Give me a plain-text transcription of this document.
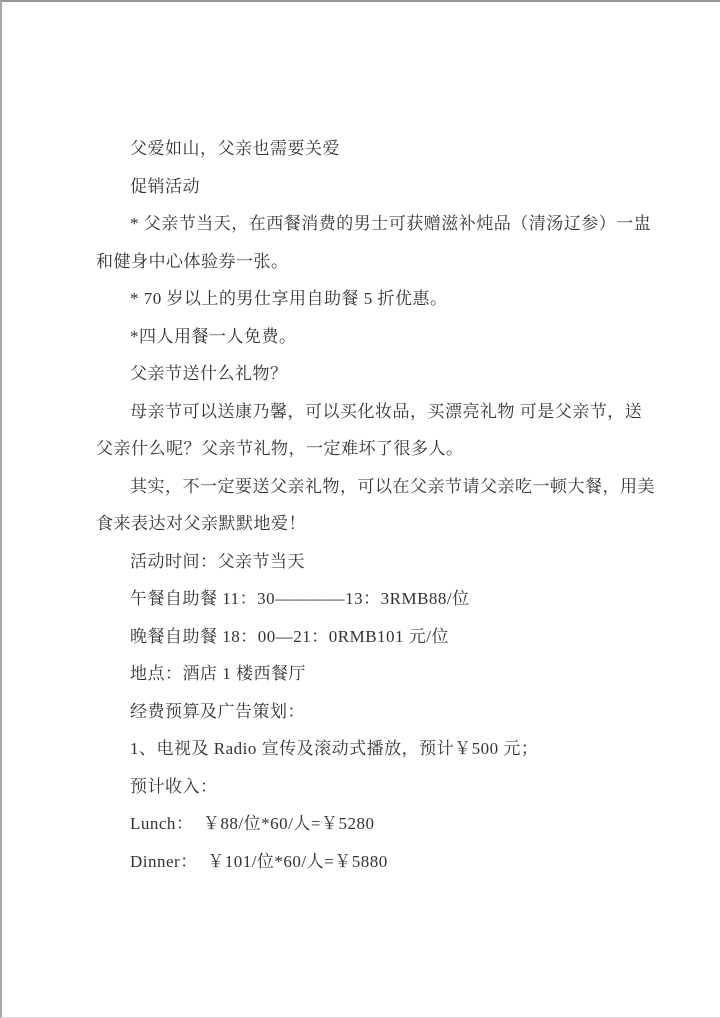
父爱如山，父亲也需要关爱

促销活动

* 父亲节当天，在西餐消费的男士可获赠滋补炖品（清汤辽参）一盅

和健身中心体验券一张。

* 70 岁以上的男仕享用自助餐 5 折优惠。

*四人用餐一人免费。

父亲节送什么礼物？

母亲节可以送康乃馨，可以买化妆品，买漂亮礼物 可是父亲节，送

父亲什么呢？父亲节礼物，一定难坏了很多人。

其实，不一定要送父亲礼物，可以在父亲节请父亲吃一顿大餐，用美

食来表达对父亲默默地爱！

活动时间：父亲节当天

午餐自助餐 11：30————13：3RMB88/位

晚餐自助餐 18：00—21：0RMB101 元/位

地点：酒店 1 楼西餐厅

经费预算及广告策划：

1、电视及 Radio 宣传及滚动式播放，预计￥500 元；

预计收入：

Lunch：  ￥88/位*60/人=￥5280

Dinner：  ￥101/位*60/人=￥5880
